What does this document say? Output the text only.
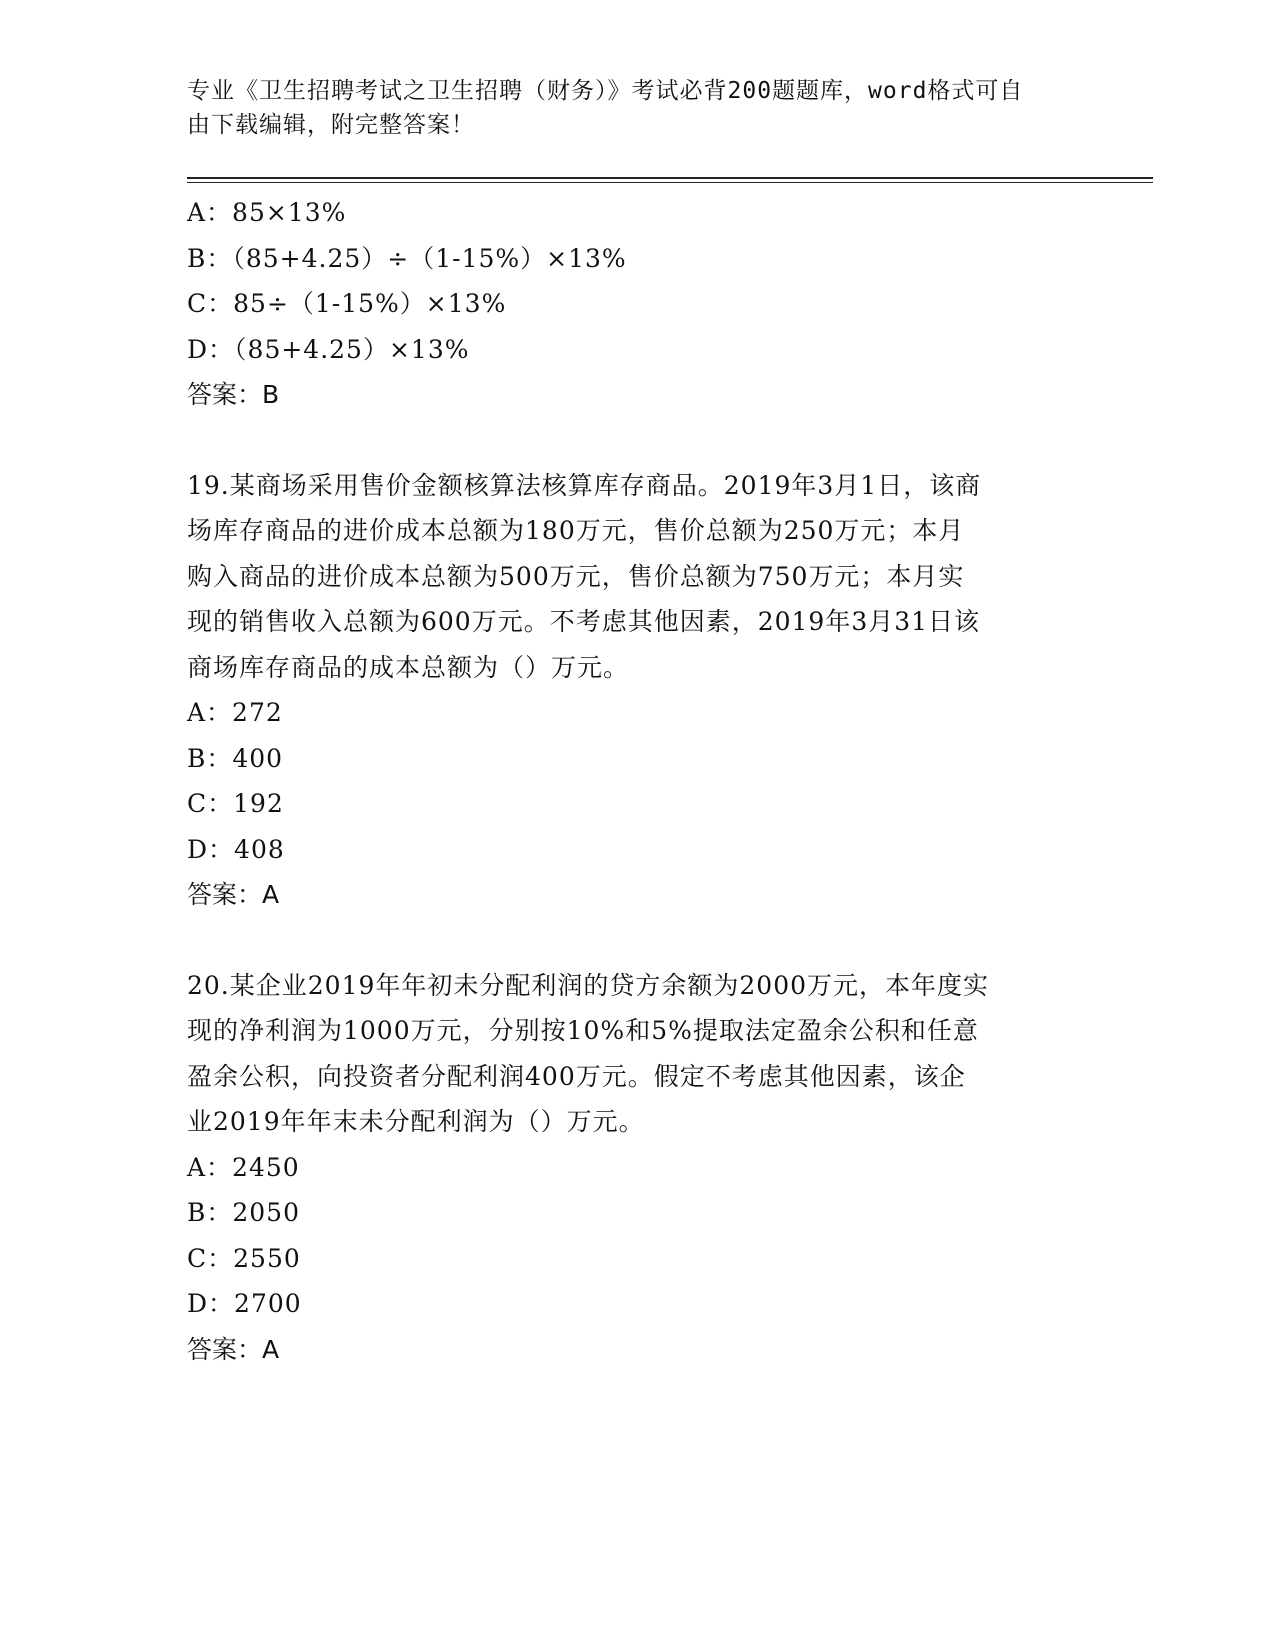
专业《卫生招聘考试之卫生招聘（财务）》考试必背200题题库，word格式可自
由下载编辑，附完整答案！
A：85×13%
B：（85+4.25）÷（1-15%）×13%
C：85÷（1-15%）×13%
D：（85+4.25）×13%
答案：B
19.某商场采用售价金额核算法核算库存商品。2019年3月1日，该商
场库存商品的进价成本总额为180万元，售价总额为250万元；本月
购入商品的进价成本总额为500万元，售价总额为750万元；本月实
现的销售收入总额为600万元。不考虑其他因素，2019年3月31日该
商场库存商品的成本总额为（）万元。
A：272
B：400
C：192
D：408
答案：A
20.某企业2019年年初未分配利润的贷方余额为2000万元，本年度实
现的净利润为1000万元，分别按10%和5%提取法定盈余公积和任意
盈余公积，向投资者分配利润400万元。假定不考虑其他因素，该企
业2019年年末未分配利润为（）万元。
A：2450
B：2050
C：2550
D：2700
答案：A
